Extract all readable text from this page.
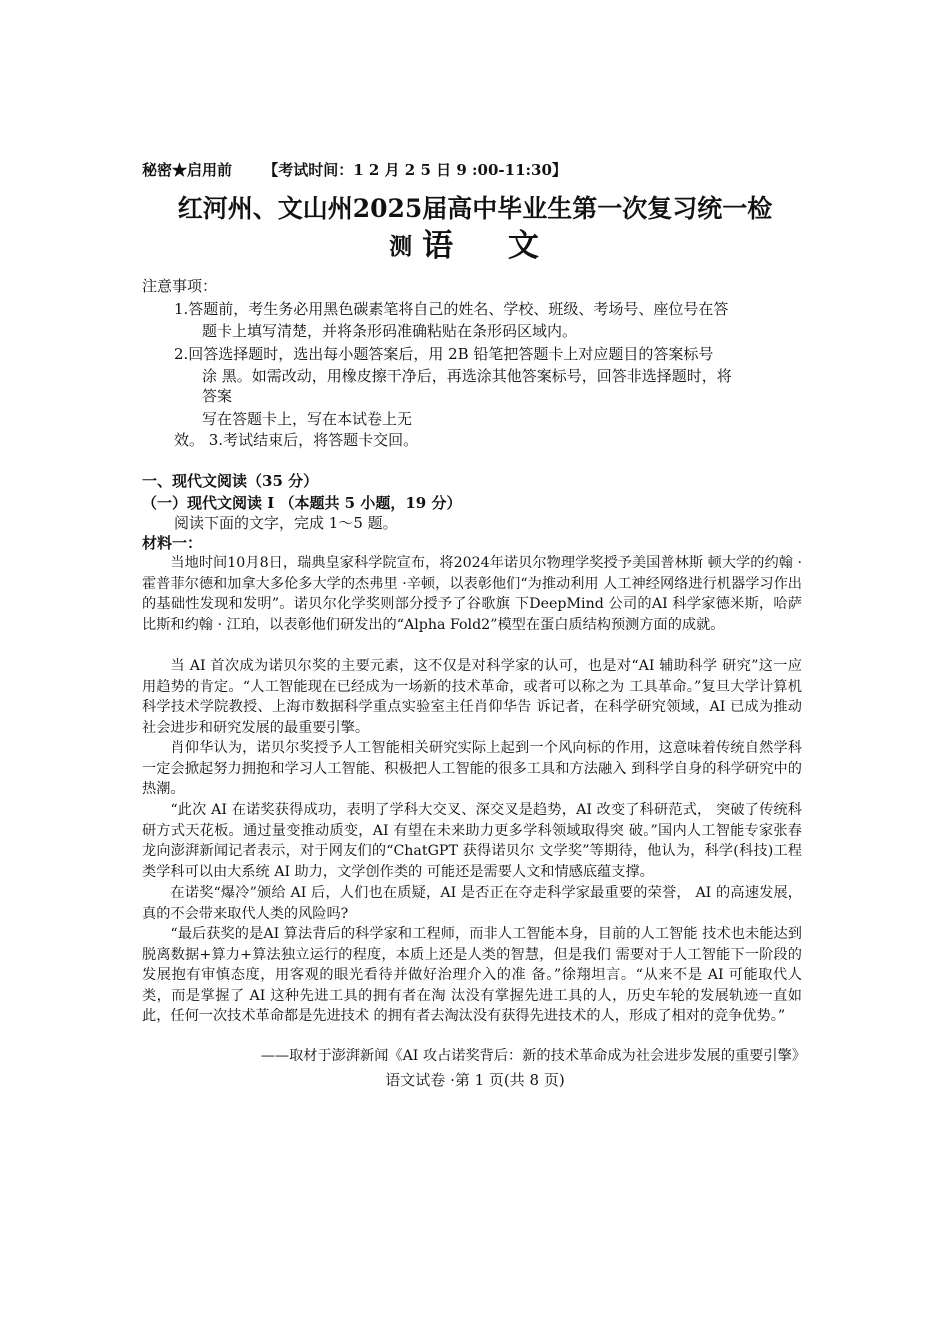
秘密★启用前 【考试时间：1 2 月 2 5 日 9 :00-11:30】
红河州、文山州2025届高中毕业生第一次复习统一检
测 语 文
注意事项：
1.答题前，考生务必用黑色碳素笔将自己的姓名、学校、班级、考场号、座位号在答
题卡上填写清楚，并将条形码准确粘贴在条形码区域内。
2.回答选择题时，选出每小题答案后，用 2B 铅笔把答题卡上对应题目的答案标号
涂 黑。如需改动，用橡皮擦干净后，再选涂其他答案标号，回答非选择题时，将
答案
写在答题卡上，写在本试卷上无
效。 3.考试结束后，将答题卡交回。
一、现代文阅读（35 分）
（一）现代文阅读 I （本题共 5 小题，19 分）
阅读下面的文字，完成 1～5 题。
材料一：
当地时间10月8日，瑞典皇家科学院宣布，将2024年诺贝尔物理学奖授予美国普林斯 顿大学的约翰 ·霍普菲尔德和加拿大多伦多大学的杰弗里 ·辛顿，以表彰他们“为推动利用 人工神经网络进行机器学习作出的基础性发现和发明”。诺贝尔化学奖则部分授予了谷歌旗 下DeepMind 公司的AI 科学家德米斯，哈萨比斯和约翰 · 江珀，以表彰他们研发出的“Alpha Fold2”模型在蛋白质结构预测方面的成就。
当 AI 首次成为诺贝尔奖的主要元素，这不仅是对科学家的认可，也是对“AI 辅助科学 研究”这一应用趋势的肯定。“人工智能现在已经成为一场新的技术革命，或者可以称之为 工具革命。”复旦大学计算机科学技术学院教授、上海市数据科学重点实验室主任肖仰华告 诉记者，在科学研究领域，AI 已成为推动社会进步和研究发展的最重要引擎。
肖仰华认为，诺贝尔奖授予人工智能相关研究实际上起到一个风向标的作用，这意味着传统自然学科一定会掀起努力拥抱和学习人工智能、积极把人工智能的很多工具和方法融入 到科学自身的科学研究中的热潮。
“此次 AI 在诺奖获得成功，表明了学科大交叉、深交叉是趋势，AI 改变了科研范式， 突破了传统科研方式天花板。通过量变推动质变，AI 有望在未来助力更多学科领域取得突 破。”国内人工智能专家张春龙向澎湃新闻记者表示，对于网友们的“ChatGPT 获得诺贝尔 文学奖”等期待，他认为，科学(科技)工程类学科可以由大系统 AI 助力，文学创作类的 可能还是需要人文和情感底蕴支撑。
在诺奖“爆冷”颁给 AI 后，人们也在质疑，AI 是否正在夺走科学家最重要的荣誉， AI 的高速发展，真的不会带来取代人类的风险吗?
“最后获奖的是AI 算法背后的科学家和工程师，而非人工智能本身，目前的人工智能 技术也未能达到脱离数据+算力+算法独立运行的程度，本质上还是人类的智慧，但是我们 需要对于人工智能下一阶段的发展抱有审慎态度，用客观的眼光看待并做好治理介入的准 备。”徐翔坦言。“从来不是 AI 可能取代人类，而是掌握了 AI 这种先进工具的拥有者在淘 汰没有掌握先进工具的人，历史车轮的发展轨迹一直如此，任何一次技术革命都是先进技术 的拥有者去淘汰没有获得先进技术的人，形成了相对的竞争优势。”
——取材于澎湃新闻《AI 攻占诺奖背后：新的技术革命成为社会进步发展的重要引擎》
语文试卷 ·第 1 页(共 8 页)
